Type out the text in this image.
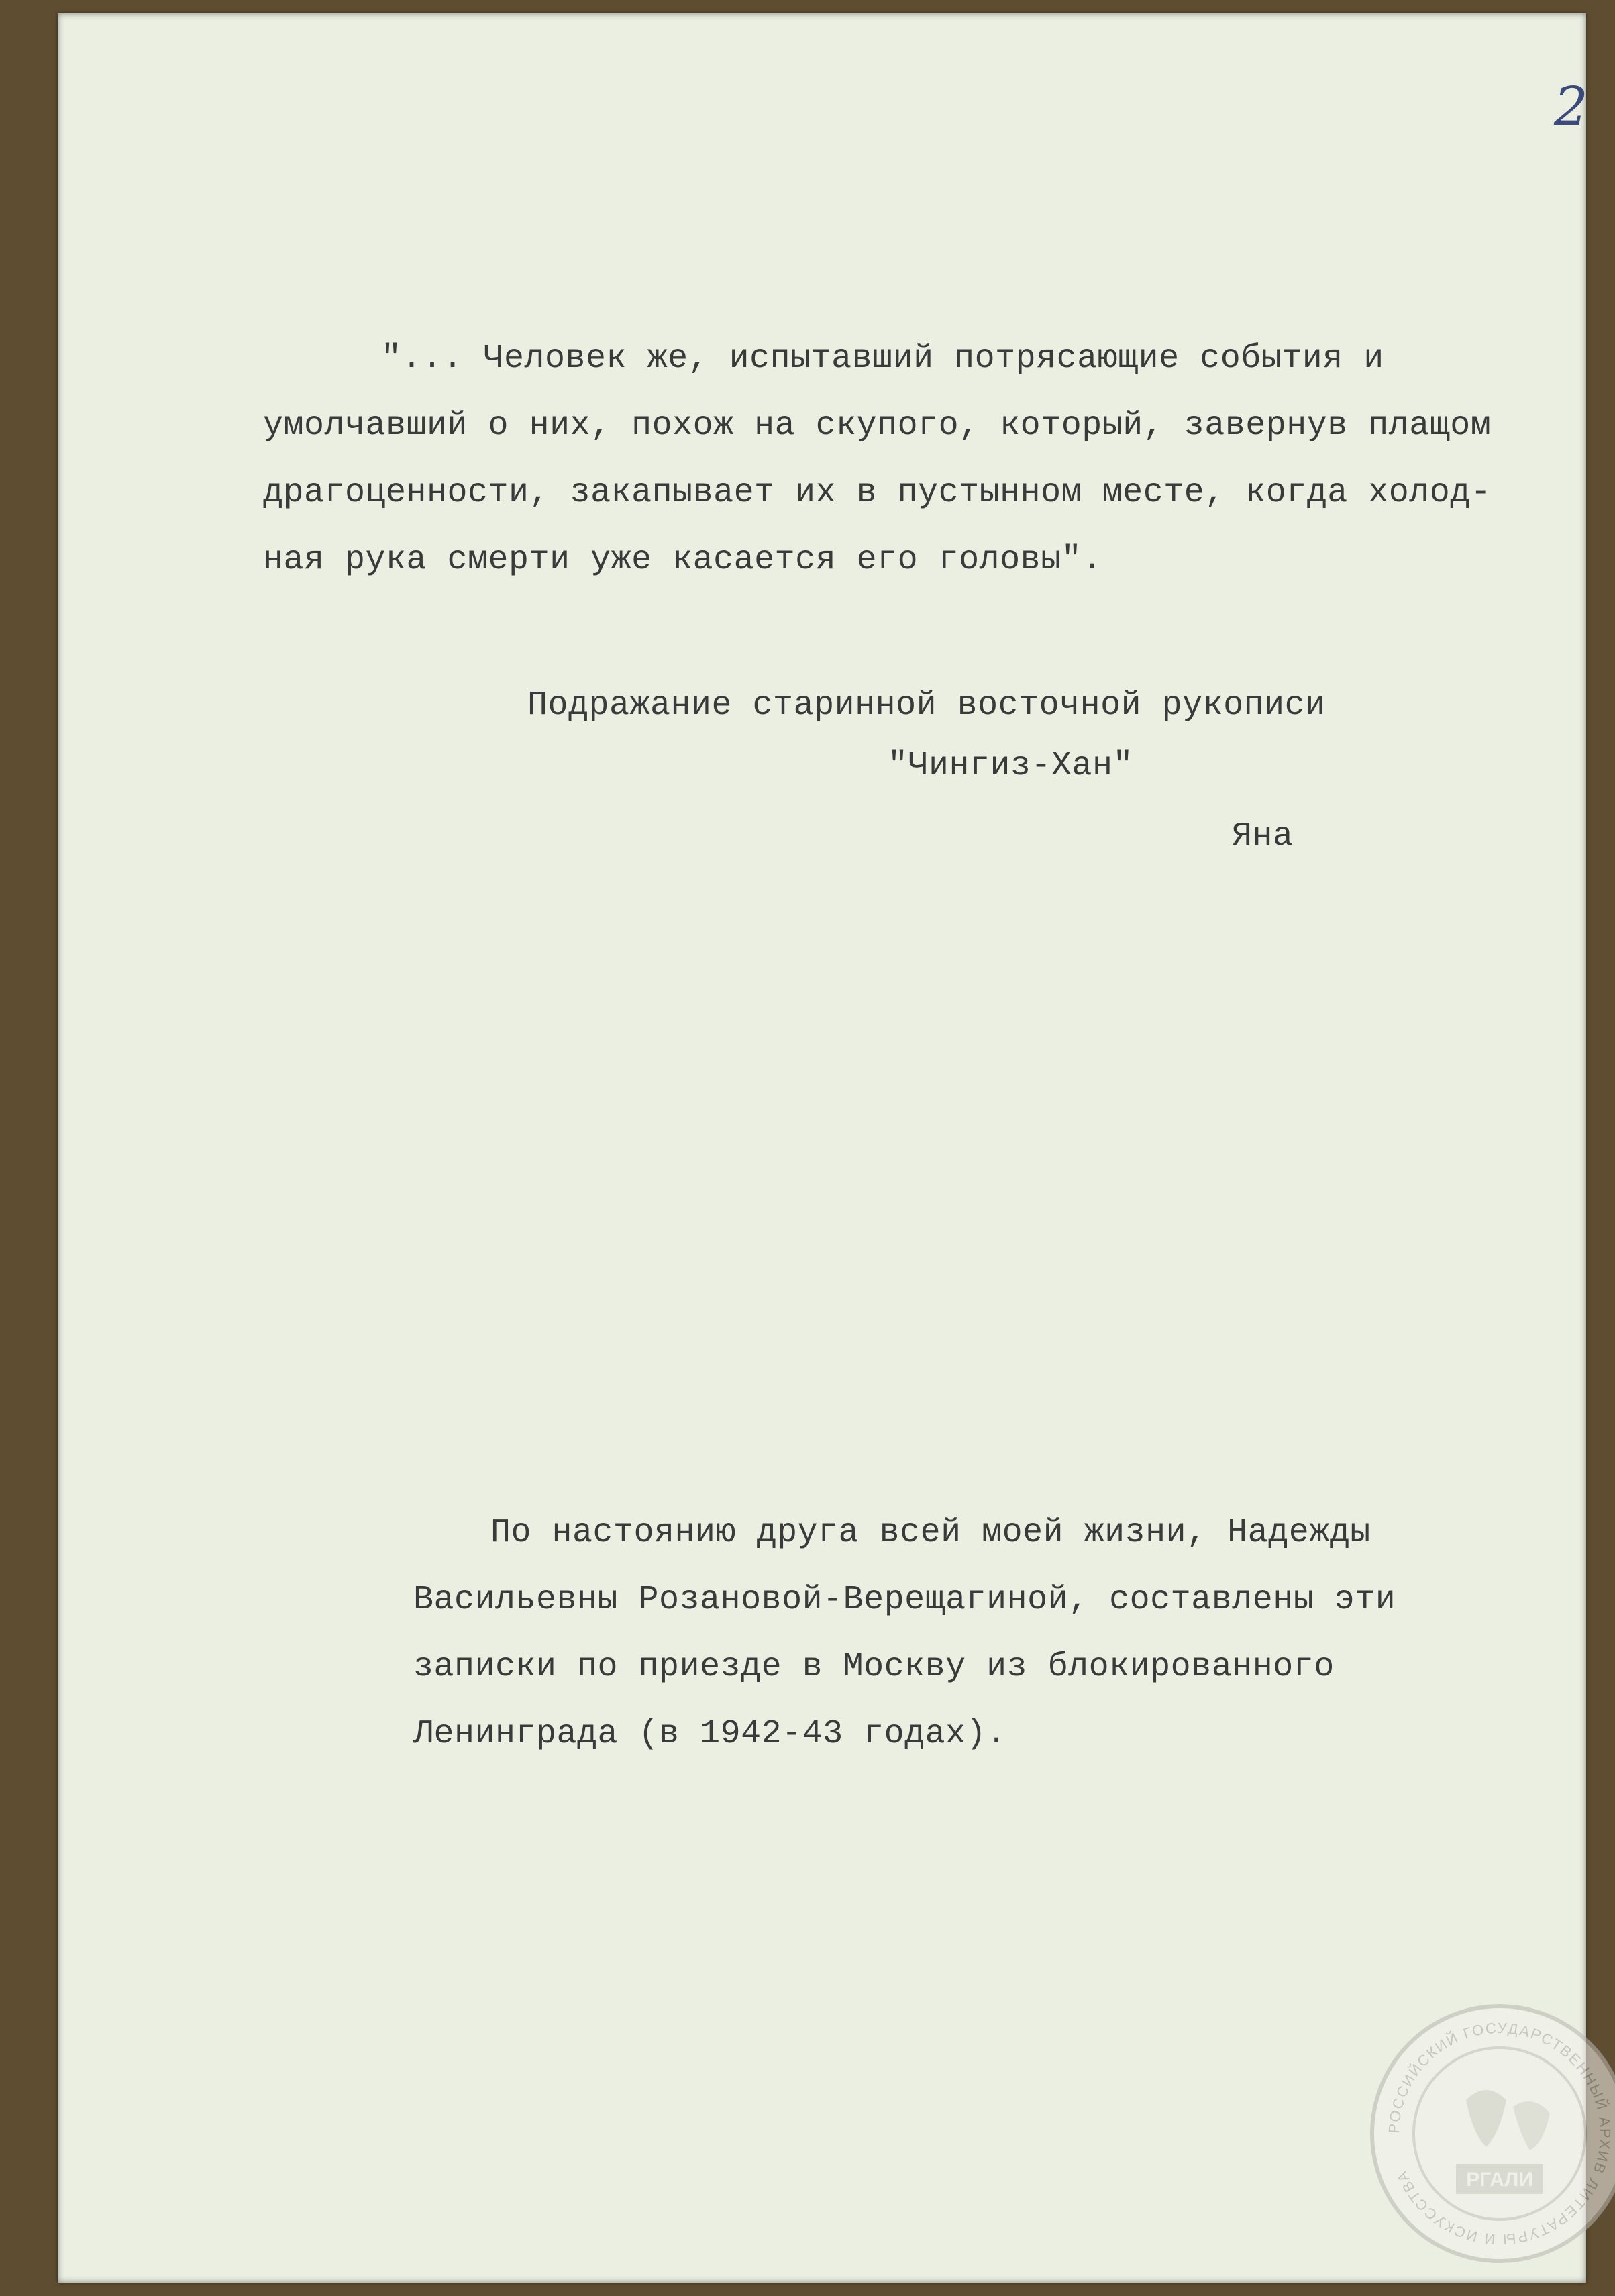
2
"... Человек же, испытавший потрясающие события и
умолчавший о них, похож на скупого, который, завернув плащом
драгоценности, закапывает их в пустынном месте, когда холод-
ная рука смерти уже касается его головы".
Подражание старинной восточной рукописи
"Чингиз-Хан"
Яна
По настоянию друга всей моей жизни, Надежды
Васильевны Розановой-Верещагиной, составлены эти
записки по приезде в Москву из блокированного
Ленинграда (в 1942-43 годах).
РОССИЙСКИЙ ГОСУДАРСТВЕННЫЙ АРХИВ ЛИТЕРАТУРЫ И ИСКУССТВА	РГАЛИ
